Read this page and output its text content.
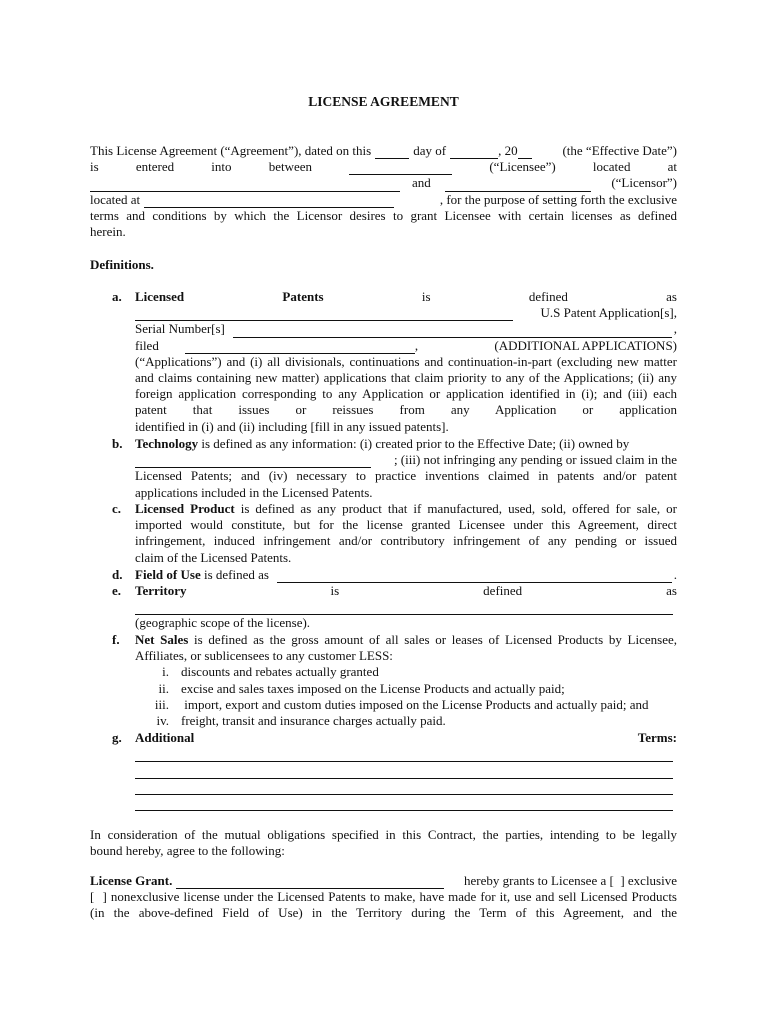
LICENSE AGREEMENT
This License Agreement (“Agreement”), dated on this	day of	, 20	(the “Effective Date”)
is	entered	into	between	(“Licensee”)	located	at
and	(“Licensor”)
located at	, for the purpose of setting forth the exclusive
terms and conditions by which the Licensor desires to grant Licensee with certain licenses as defined
herein.
Definitions.
a. Licensed	Patents	is	defined	as
U.S Patent Application[s],
Serial Number[s]	,
filed	,	(ADDITIONAL APPLICATIONS)
(“Applications”) and (i) all divisionals, continuations and continuation-in-part (excluding new matter and claims containing new matter) applications that claim priority to any of the Applications; (ii) any foreign application corresponding to any Application or application identified in (i); and (iii) each patent that issues or reissues from any Application or application
identified in (i) and (ii) including [fill in any issued patents].
b. Technology is defined as any information: (i) created prior to the Effective Date; (ii) owned by
; (iii) not infringing any pending or issued claim in the
Licensed Patents; and (iv) necessary to practice inventions claimed in patents and/or patent
applications included in the Licensed Patents.
c. Licensed Product is defined as any product that if manufactured, used, sold, offered for sale, or imported would constitute, but for the license granted Licensee under this Agreement, direct infringement, induced infringement and/or contributory infringement of any pending or issued
claim of the Licensed Patents.
d. Field of Use is defined as	.
e. Territory	is	defined	as
(geographic scope of the license).
f. Net Sales is defined as the gross amount of all sales or leases of Licensed Products by Licensee,
Affiliates, or sublicensees to any customer LESS:
i. discounts and rebates actually granted
ii. excise and sales taxes imposed on the License Products and actually paid;
iii. import, export and custom duties imposed on the License Products and actually paid; and
iv. freight, transit and insurance charges actually paid.
g. Additional	Terms:
In consideration of the mutual obligations specified in this Contract, the parties, intending to be legally
bound hereby, agree to the following:
License Grant.	hereby grants to Licensee a [  ] exclusive
[  ] nonexclusive license under the Licensed Patents to make, have made for it, use and sell Licensed Products (in the above-defined Field of Use) in the Territory during the Term of this Agreement, and the
